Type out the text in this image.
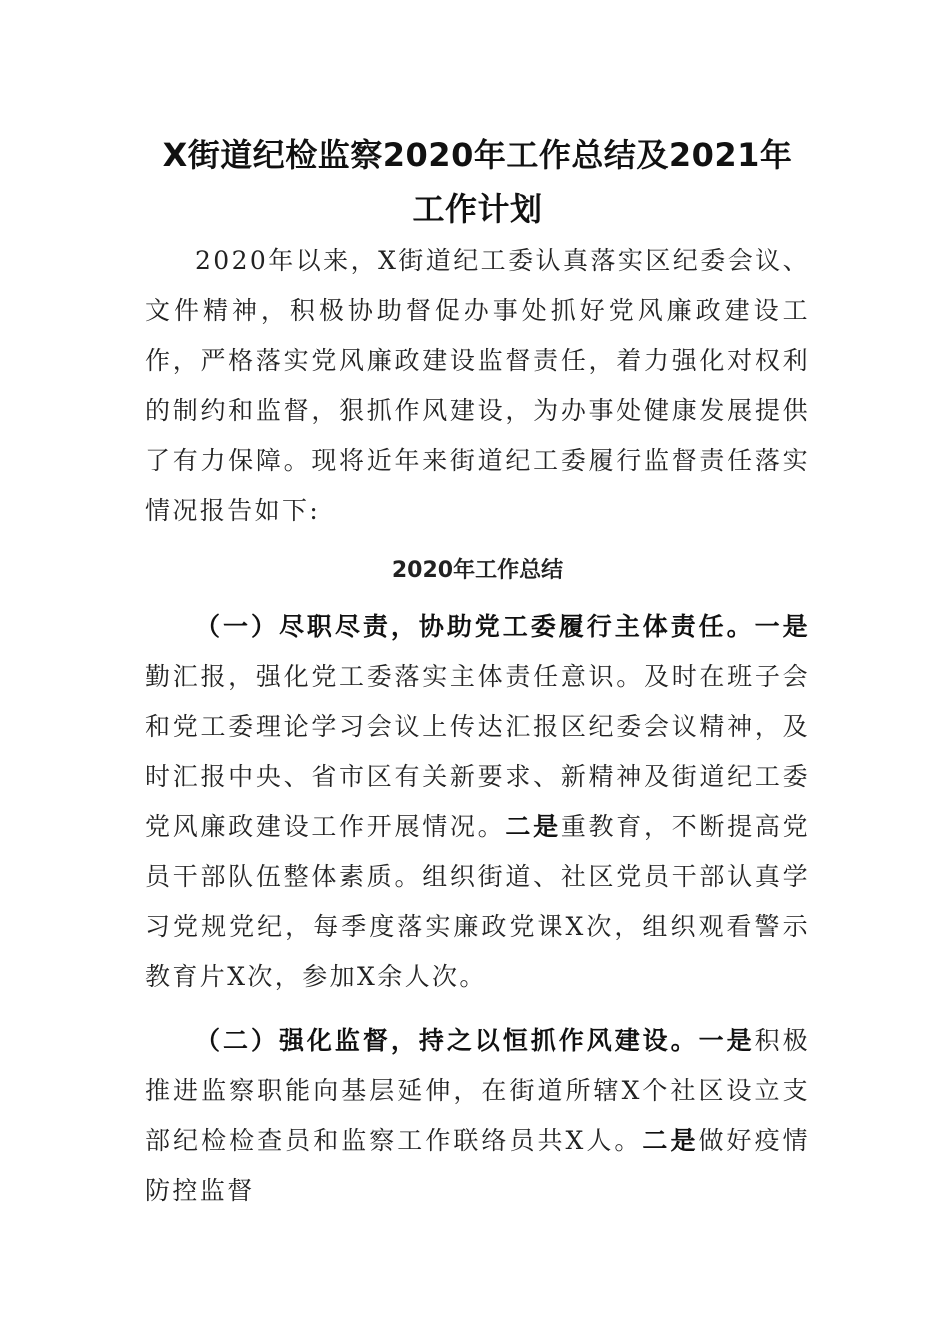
X街道纪检监察2020年工作总结及2021年
工作计划

2020年以来，X街道纪工委认真落实区纪委会议、文件精神，积极协助督促办事处抓好党风廉政建设工作，严格落实党风廉政建设监督责任，着力强化对权利的制约和监督，狠抓作风建设，为办事处健康发展提供了有力保障。现将近年来街道纪工委履行监督责任落实情况报告如下:

2020年工作总结

（一）尽职尽责，协助党工委履行主体责任。一是勤汇报，强化党工委落实主体责任意识。及时在班子会和党工委理论学习会议上传达汇报区纪委会议精神，及时汇报中央、省市区有关新要求、新精神及街道纪工委党风廉政建设工作开展情况。二是重教育，不断提高党员干部队伍整体素质。组织街道、社区党员干部认真学习党规党纪，每季度落实廉政党课X次，组织观看警示教育片X次，参加X余人次。

（二）强化监督，持之以恒抓作风建设。一是积极推进监察职能向基层延伸，在街道所辖X个社区设立支部纪检检查员和监察工作联络员共X人。二是做好疫情防控监督
